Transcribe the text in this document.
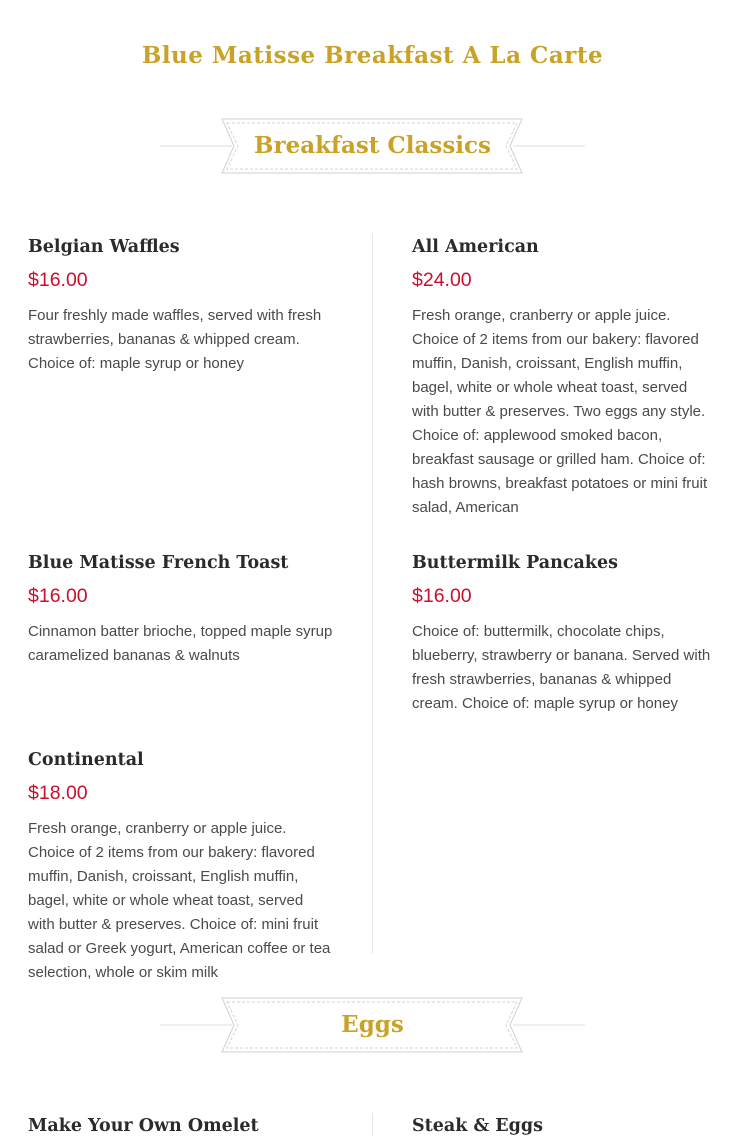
Blue Matisse Breakfast A La Carte
Breakfast Classics
Belgian Waffles
$16.00
Four freshly made waffles, served with fresh strawberries, bananas & whipped cream. Choice of: maple syrup or honey
All American
$24.00
Fresh orange, cranberry or apple juice. Choice of 2 items from our bakery: flavored muffin, Danish, croissant, English muffin, bagel, white or whole wheat toast, served with butter & preserves. Two eggs any style. Choice of: applewood smoked bacon, breakfast sausage or grilled ham. Choice of: hash browns, breakfast potatoes or mini fruit salad, American
Blue Matisse French Toast
$16.00
Cinnamon batter brioche, topped maple syrup caramelized bananas & walnuts
Buttermilk Pancakes
$16.00
Choice of: buttermilk, chocolate chips, blueberry, strawberry or banana. Served with fresh strawberries, bananas & whipped cream. Choice of: maple syrup or honey
Continental
$18.00
Fresh orange, cranberry or apple juice. Choice of 2 items from our bakery: flavored muffin, Danish, croissant, English muffin, bagel, white or whole wheat toast, served with butter & preserves. Choice of: mini fruit salad or Greek yogurt, American coffee or tea selection, whole or skim milk
Eggs
Make Your Own Omelet	Steak & Eggs
